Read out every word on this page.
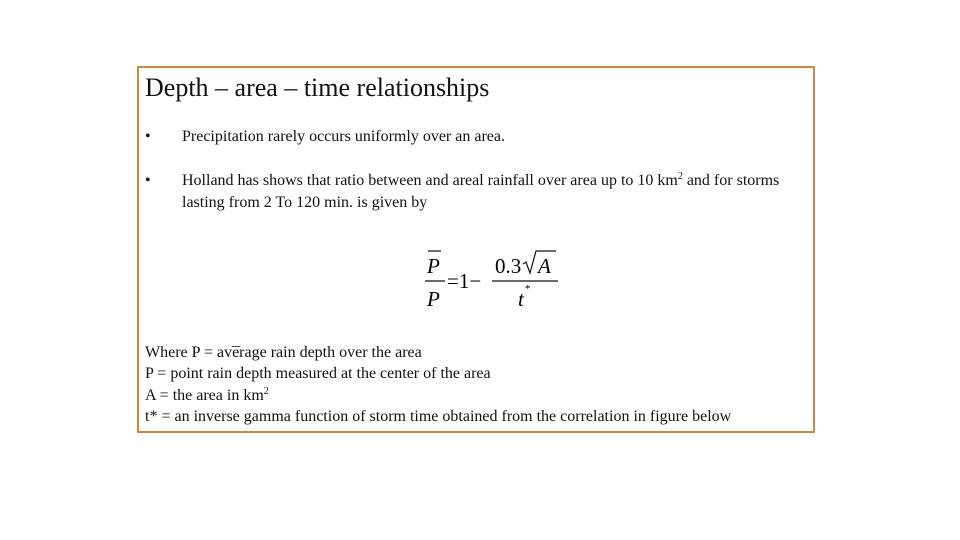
Depth – area – time relationships
• Precipitation rarely occurs uniformly over an area.
• Holland has shows that ratio between and areal rainfall over area up to 10 $km^2$ and for storms lasting from 2 To 120 min. is given by
P
P
=1−
0.3 A
t *
_
Where P = average rain depth over the area
P = point rain depth measured at the center of the area
A = the area in $km^2$
t* = an inverse gamma function of storm time obtained from the correlation in figure below
